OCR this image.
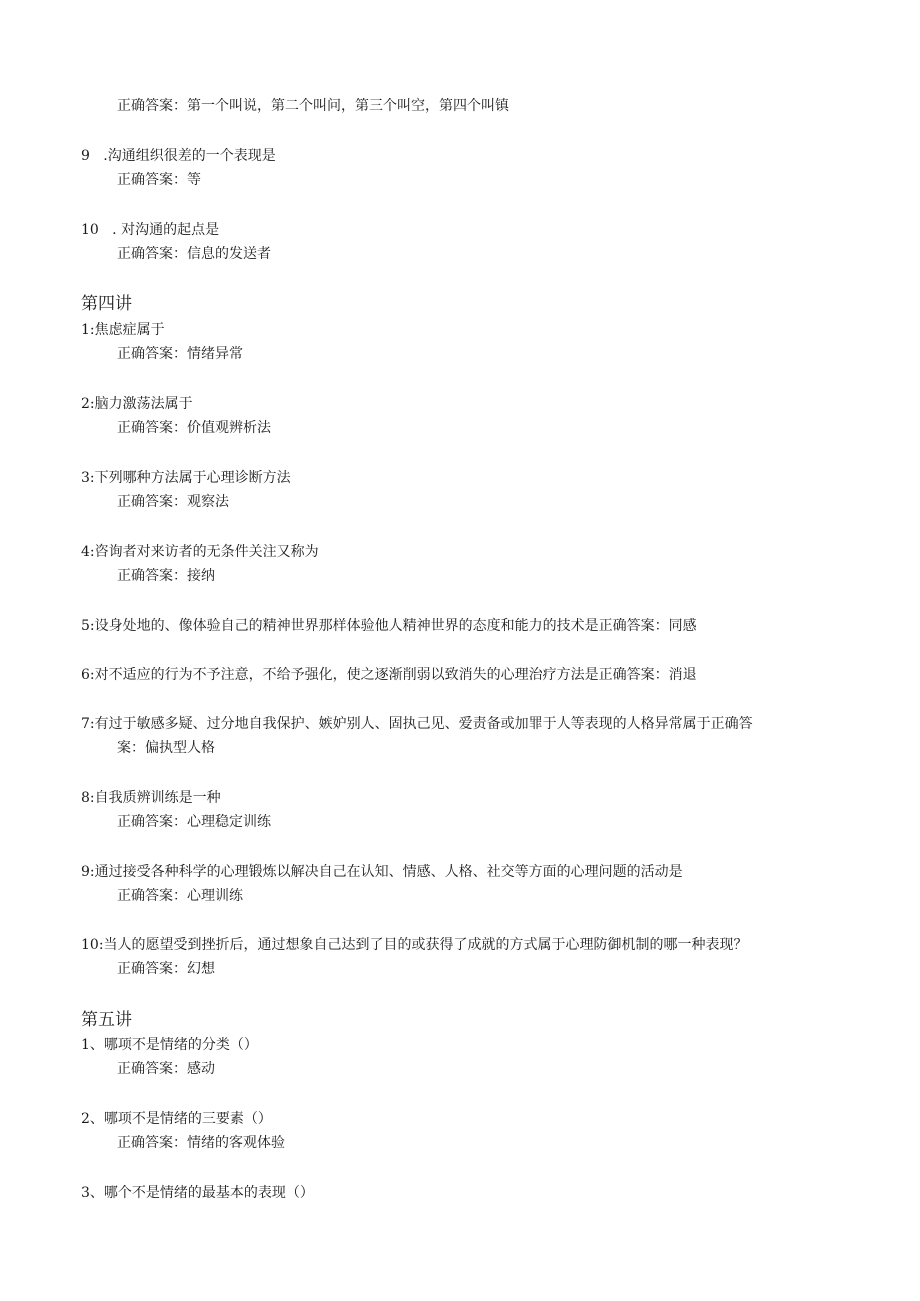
正确答案：第一个叫说，第二个叫问，第三个叫空，第四个叫镇
9   .沟通组织很差的一个表现是
正确答案：等
10   . 对沟通的起点是
正确答案：信息的发送者
第四讲
1:焦虑症属于
正确答案：情绪异常
2:脑力激荡法属于
正确答案：价值观辨析法
3:下列哪种方法属于心理诊断方法
正确答案：观察法
4:咨询者对来访者的无条件关注又称为
正确答案：接纳
5:设身处地的、像体验自己的精神世界那样体验他人精神世界的态度和能力的技术是正确答案：同感
6:对不适应的行为不予注意，不给予强化，使之逐渐削弱以致消失的心理治疗方法是正确答案：消退
7:有过于敏感多疑、过分地自我保护、嫉妒别人、固执己见、爱责备或加罪于人等表现的人格异常属于正确答
案：偏执型人格
8:自我质辨训练是一种
正确答案：心理稳定训练
9:通过接受各种科学的心理锻炼以解决自己在认知、情感、人格、社交等方面的心理问题的活动是
正确答案：心理训练
10:当人的愿望受到挫折后，通过想象自己达到了目的或获得了成就的方式属于心理防御机制的哪一种表现？
正确答案：幻想
第五讲
1、哪项不是情绪的分类（）
正确答案：感动
2、哪项不是情绪的三要素（）
正确答案：情绪的客观体验
3、哪个不是情绪的最基本的表现（）
